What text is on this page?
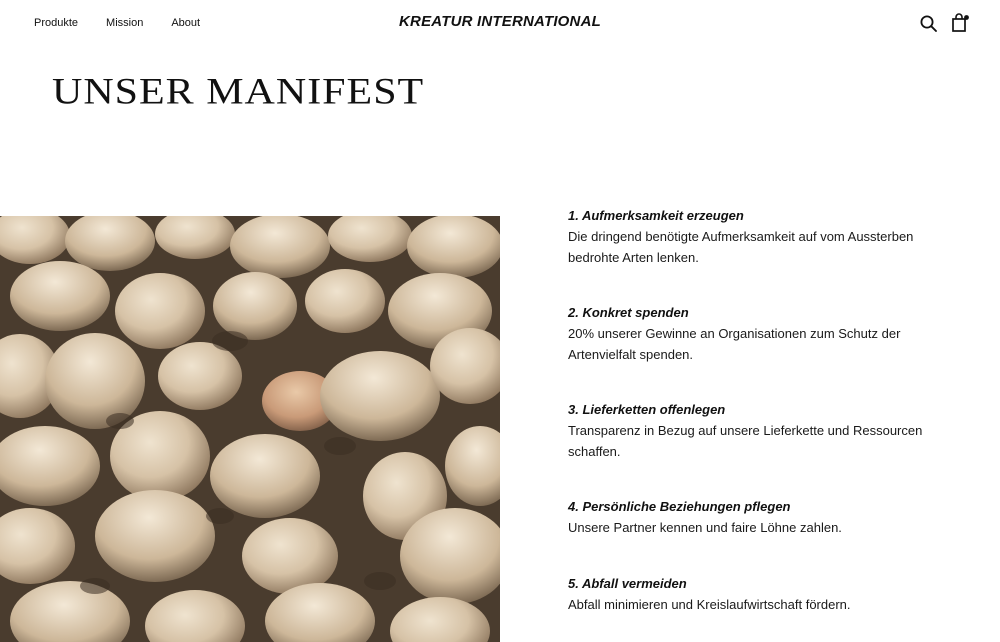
Produkte	Mission	About	KREATUR INTERNATIONAL
UNSER MANIFEST

1. Aufmerksamkeit erzeugen

Die dringend benötigte Aufmerksamkeit auf vom Aussterben bedrohte Arten lenken.

2. Konkret spenden

20% unserer Gewinne an Organisationen zum Schutz der Artenvielfalt spenden.

3. Lieferketten offenlegen

Transparenz in Bezug auf unsere Lieferkette und Ressourcen schaffen.

4. Persönliche Beziehungen pflegen

Unsere Partner kennen und faire Löhne zahlen.

5. Abfall vermeiden

Abfall minimieren und Kreislaufwirtschaft fördern.
